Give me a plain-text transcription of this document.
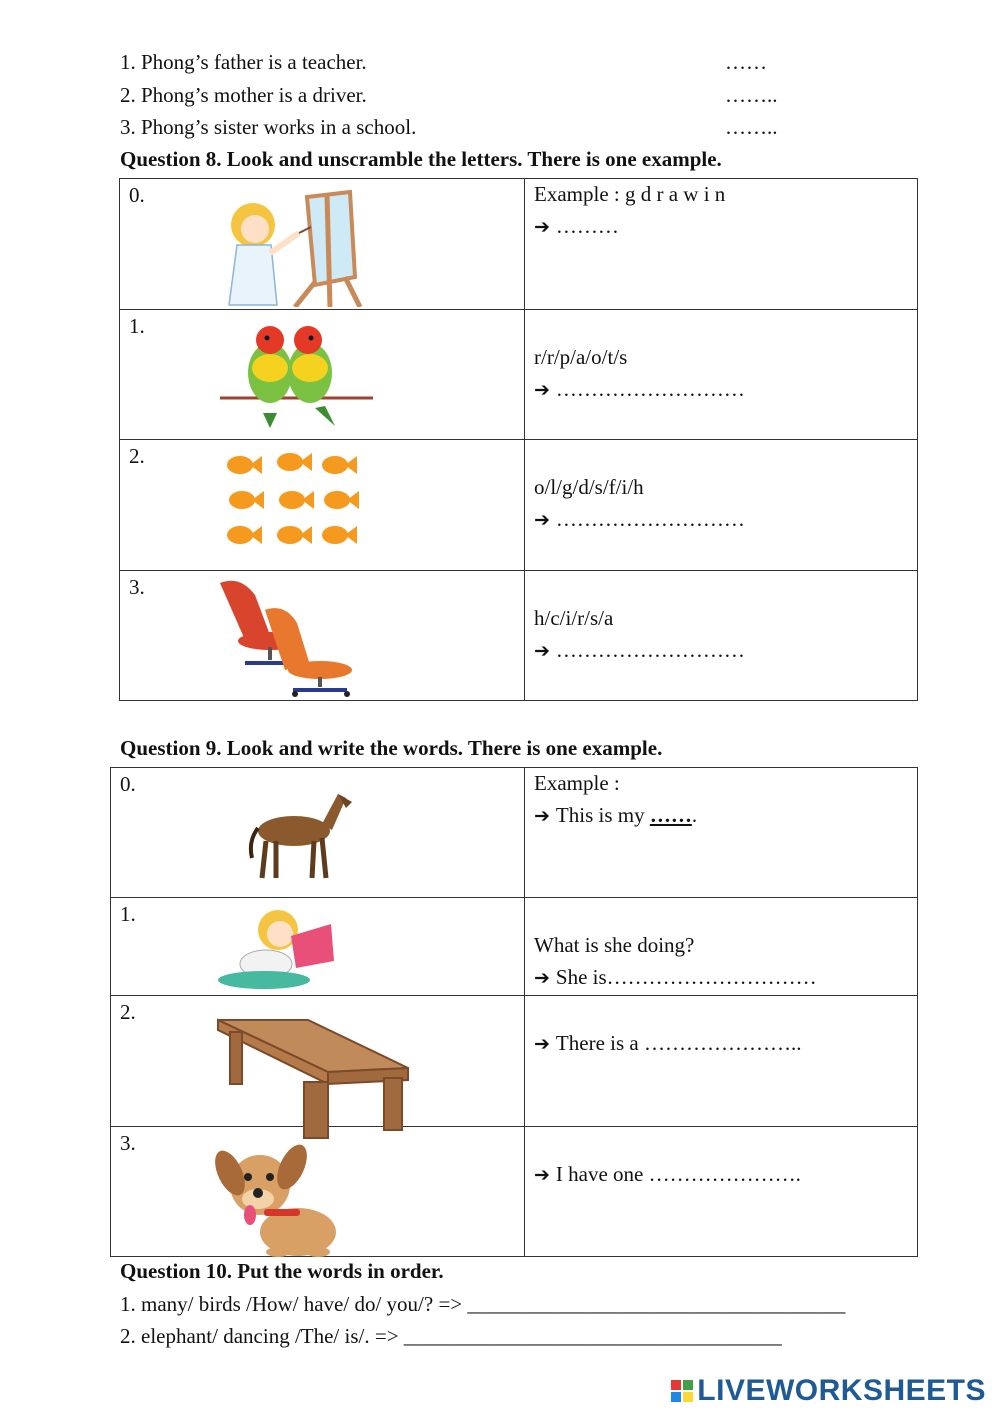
1. Phong’s father is a teacher.	……
2. Phong’s mother is a driver.	……..
3. Phong’s sister works in a school.	……..
Question 8. Look and unscramble the letters. There is one example.
0.	Example : g d r a w i n
➔ ………

1.	r/r/p/a/o/t/s
➔ ………………………

2.	o/l/g/d/s/f/i/h
➔ ………………………

3.	h/c/i/r/s/a
➔ ………………………
Question 9. Look and write the words. There is one example.
0.	Example :
➔ This is my …….

1.	What is she doing?
➔ She is…………………………

2.	➔ There is a …………………..

3.	➔ I have one ………………….
Question 10. Put the words in order.
1. many/ birds /How/ have/ do/ you/? => ____________________________________
2. elephant/ dancing /The/ is/. => ____________________________________
LIVEWORKSHEETS
